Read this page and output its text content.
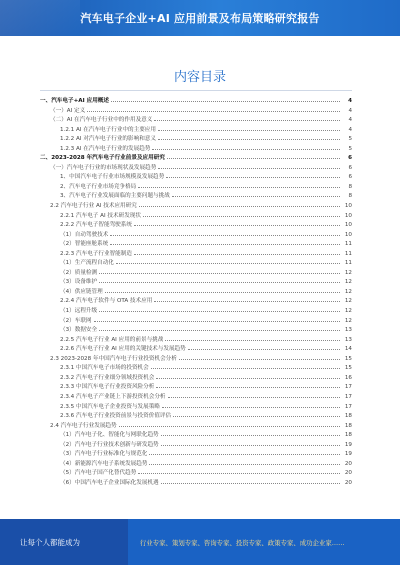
汽车电子企业+AI 应用前景及布局策略研究报告
内容目录
一、汽车电子+AI 应用概述	4
（一）AI 定义	4
（二）AI 在汽车电子行业中的作用及意义	4
1.2.1 AI 在汽车电子行业中的主要应用	4
1.2.2 AI 对汽车电子行业的影响和意义	5
1.2.3 AI 在汽车电子行业的发展趋势	5
二、2023-2028 年汽车电子行业前景及应用研究	6
（一）汽车电子行业的市场现状及发展趋势	6
1、中国汽车电子行业市场规模及发展趋势	6
2、汽车电子行业市场竞争格局	8
3、汽车电子行业发展面临的主要问题与挑战	8
2.2 汽车电子行业 AI 技术应用研究	10
2.2.1 汽车电子 AI 技术研发现状	10
2.2.2 汽车电子智能驾驶系统	10
（1）自动驾驶技术	10
（2）智能座舱系统	11
2.2.3 汽车电子行业智能制造	11
（1）生产流程自动化	11
（2）质量检测	12
（3）设备维护	12
（4）供应链管理	12
2.2.4 汽车电子软件与 OTA 技术应用	12
（1）远程升级	12
（2）车联网	12
（3）数据安全	13
2.2.5 汽车电子行业 AI 应用的前景与挑战	13
2.2.6 汽车电子行业 AI 应用的关键技术与发展趋势	14
2.3 2023-2028 年中国汽车电子行业投资机会分析	15
2.3.1 中国汽车电子市场的投资机会	15
2.3.2 汽车电子行业细分领域投资机会	16
2.3.3 中国汽车电子行业投资风险分析	17
2.3.4 汽车电子产业链上下游投资机会分析	17
2.3.5 中国汽车电子企业投资与发展策略	17
2.3.6 汽车电子行业投资前景与投资价值评估	18
2.4 汽车电子行业发展趋势	18
（1）汽车电子化、智能化与网联化趋势	18
（2）汽车电子行业技术创新与研发趋势	19
（3）汽车电子行业标准化与规范化	19
（4）新能源汽车电子系统发展趋势	20
（5）汽车电子国产化替代趋势	20
（6）中国汽车电子企业国际化发展机遇	20
让每个人都能成为	行业专家、策划专家、咨询专家、投资专家、政策专家、成功企业家……
